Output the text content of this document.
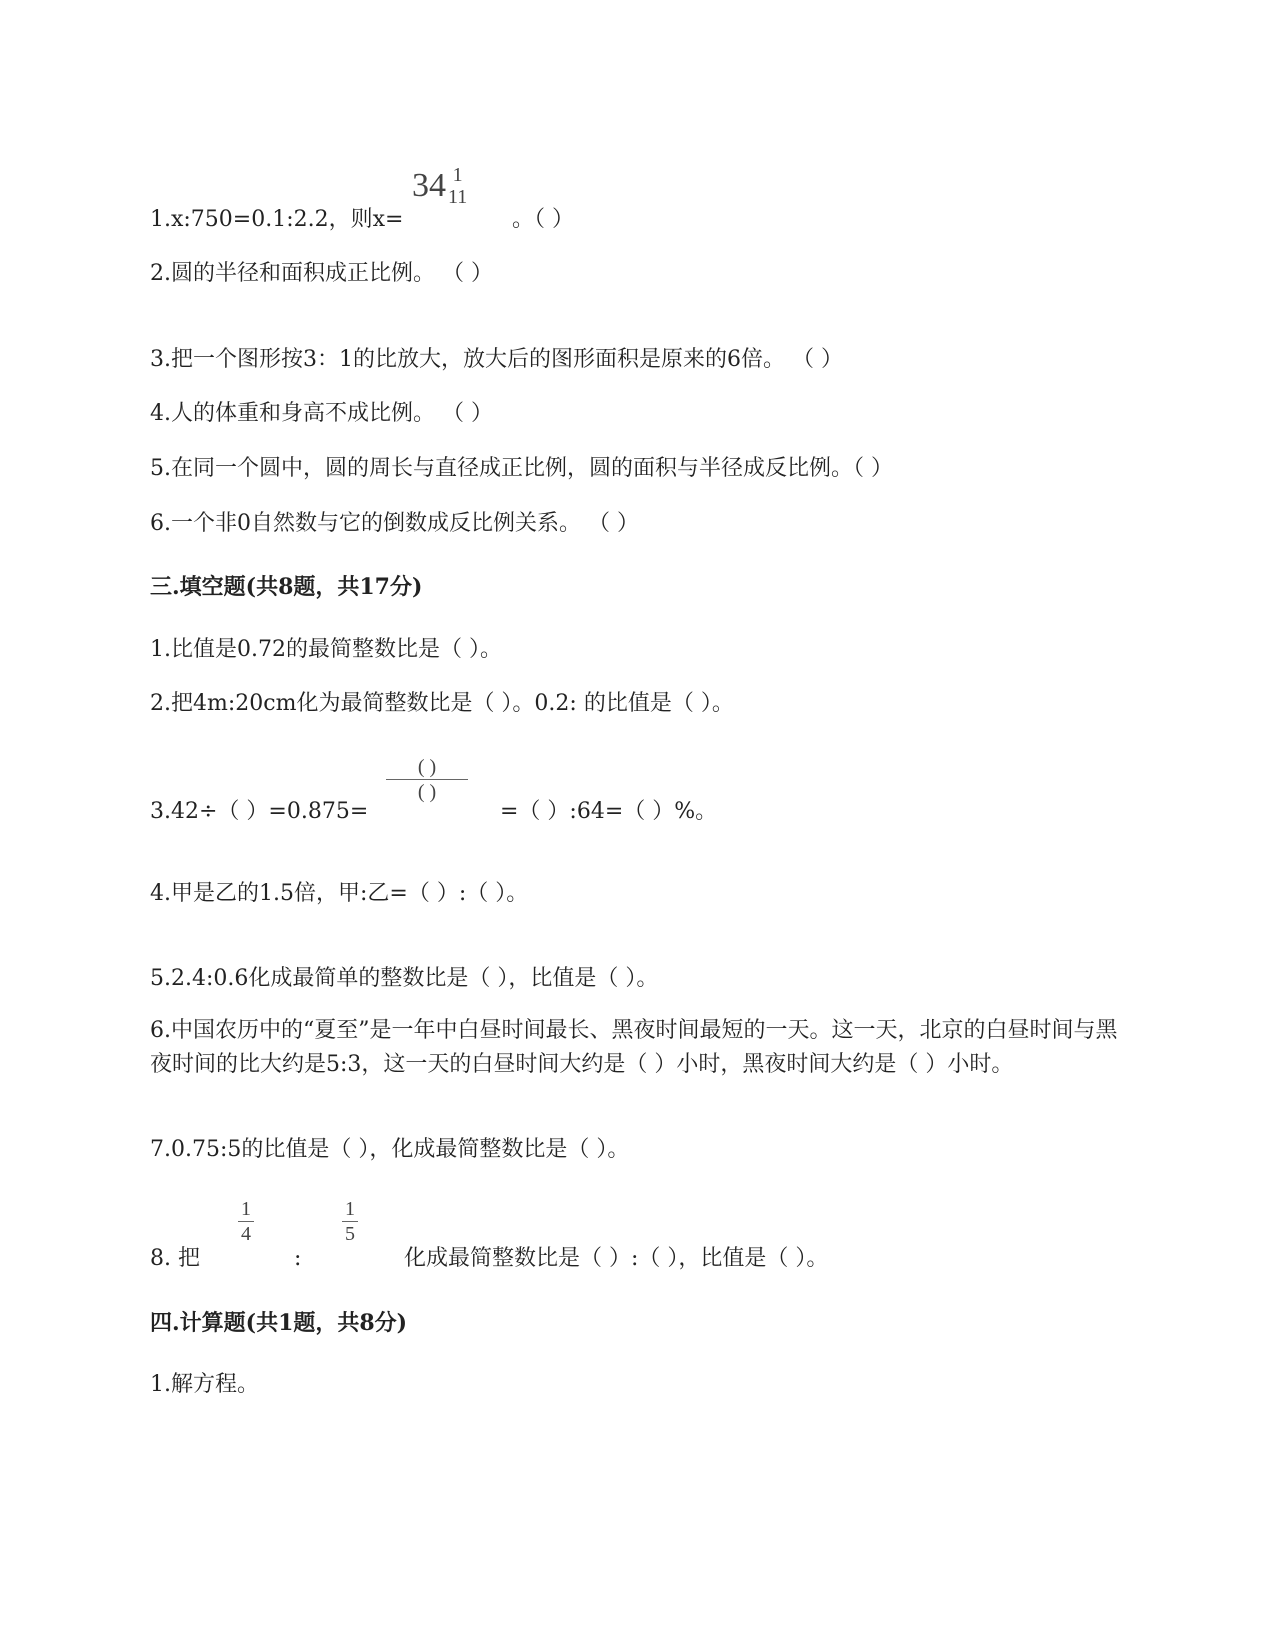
1.x:750=0.1:2.2，则x=
34 1
11
。（ ）
2.圆的半径和面积成正比例。 （ ）
3.把一个图形按3：1的比放大，放大后的图形面积是原来的6倍。 （ ）
4.人的体重和身高不成比例。 （ ）
5.在同一个圆中，圆的周长与直径成正比例，圆的面积与半径成反比例。（ ）
6.一个非0自然数与它的倒数成反比例关系。 （ ）
三.填空题(共8题，共17分)
1.比值是0.72的最简整数比是（ ）。
2.把4m:20cm化为最简整数比是（ ）。0.2: 的比值是（ ）。
3.42÷（ ）=0.875=
$\frac{( )}{( )}$
=（ ）:64=（ ）%。
4.甲是乙的1.5倍，甲:乙=（ ）:（ ）。
5.2.4:0.6化成最简单的整数比是（ ），比值是（ ）。
6.中国农历中的“夏至”是一年中白昼时间最长、黑夜时间最短的一天。这一天，北京的白昼时间与黑夜时间的比大约是5:3，这一天的白昼时间大约是（ ）小时，黑夜时间大约是（ ）小时。
7.0.75:5的比值是（ ），化成最简整数比是（ ）。
8. 把
$\frac{1}{4}$
:
$\frac{1}{5}$
化成最简整数比是（ ）:（ ），比值是（ ）。
四.计算题(共1题，共8分)
1.解方程。
